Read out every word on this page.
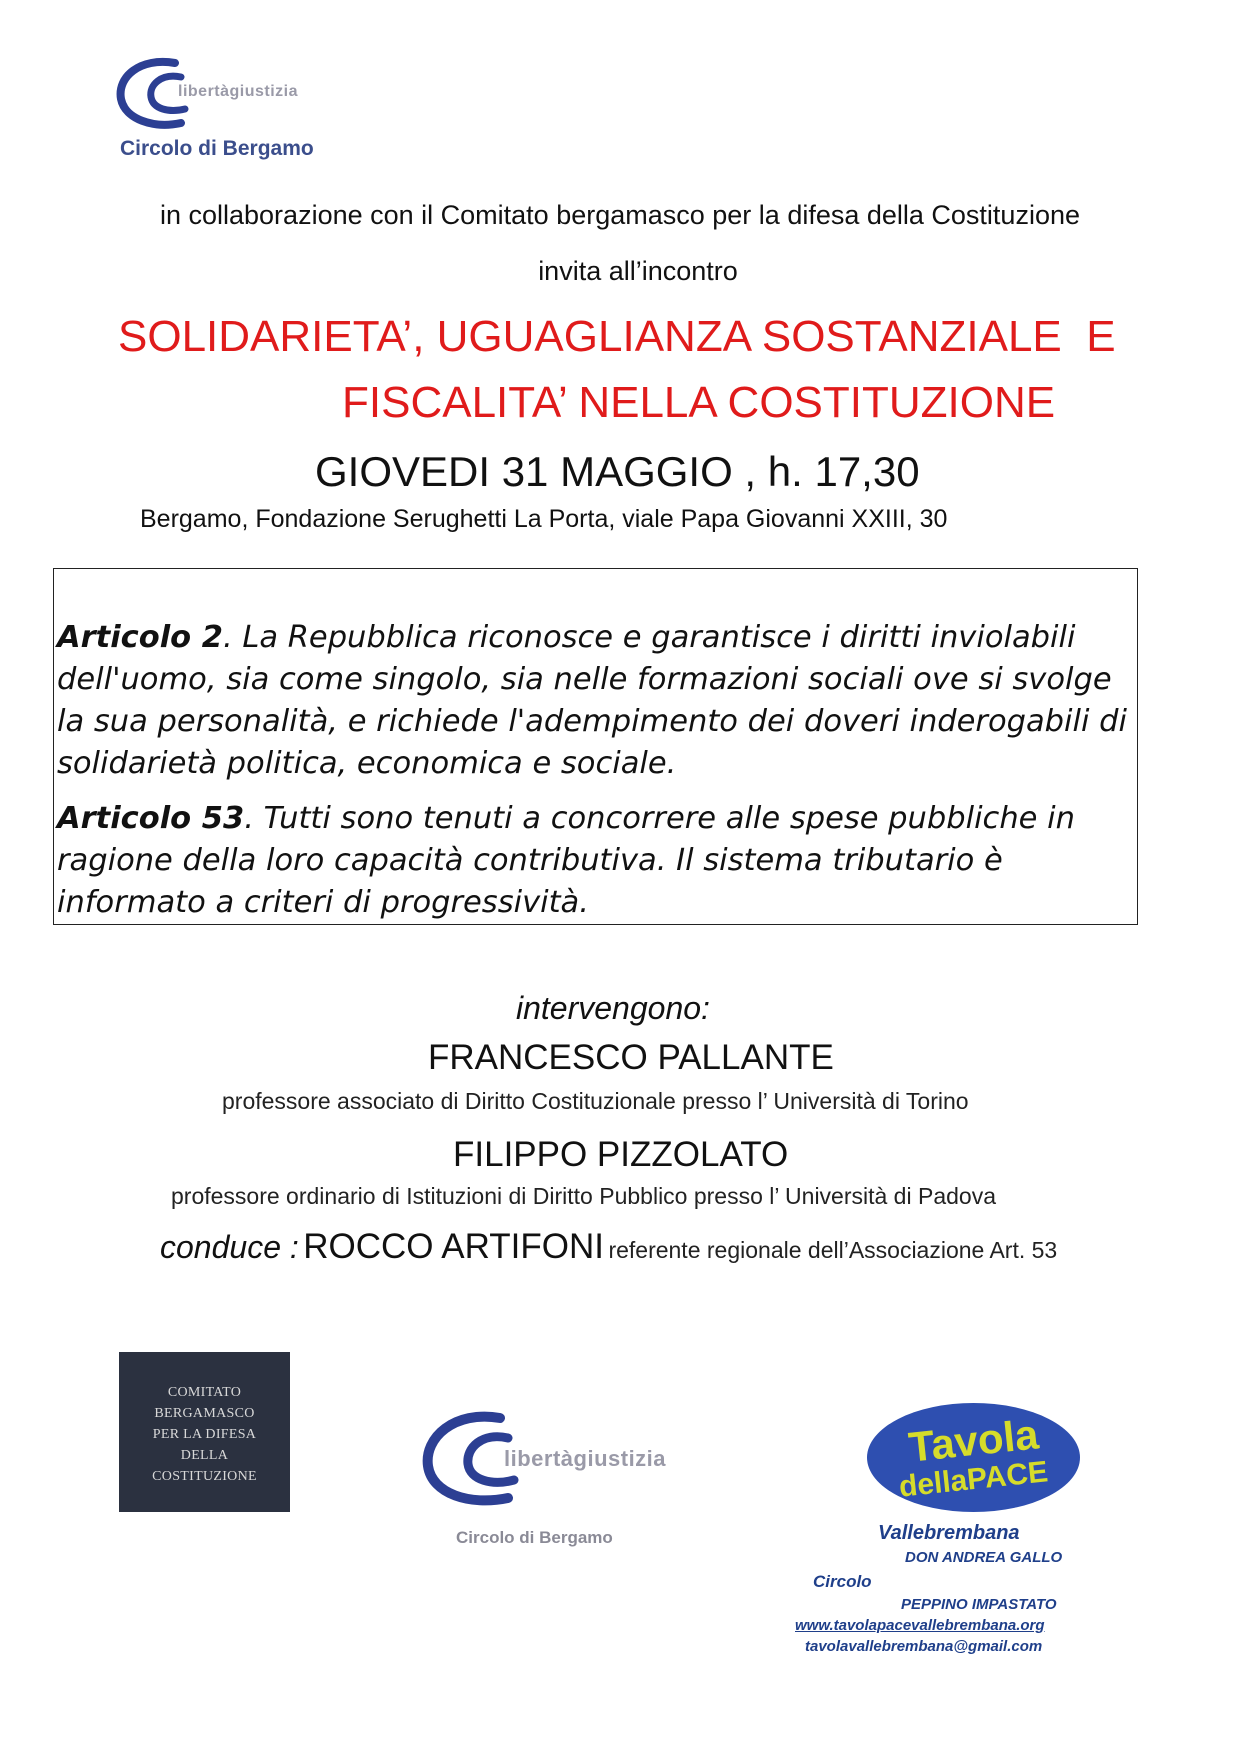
libertàgiustizia
Circolo di Bergamo
in collaborazione con il Comitato bergamasco per la difesa della Costituzione
invita all’incontro
SOLIDARIETA’, UGUAGLIANZA SOSTANZIALE  E
FISCALITA’ NELLA COSTITUZIONE
GIOVEDI 31 MAGGIO , h. 17,30
Bergamo, Fondazione Serughetti La Porta, viale Papa Giovanni XXIII, 30
Articolo 2. La Repubblica riconosce e garantisce i diritti inviolabili dell'uomo, sia come singolo, sia nelle formazioni sociali ove si svolge la sua personalità, e richiede l'adempimento dei doveri inderogabili di solidarietà politica, economica e sociale.
Articolo 53. Tutti sono tenuti a concorrere alle spese pubbliche in ragione della loro capacità contributiva. Il sistema tributario è informato a criteri di progressività.
intervengono:
FRANCESCO PALLANTE
professore associato di Diritto Costituzionale presso l’ Università di Torino
FILIPPO PIZZOLATO
professore ordinario di Istituzioni di Diritto Pubblico presso l’ Università di Padova
conduce : ROCCO ARTIFONI referente regionale dell’Associazione Art. 53
COMITATO
BERGAMASCO
PER LA DIFESA
DELLA
COSTITUZIONE
libertàgiustizia
Circolo di Bergamo
Tavola
dellaPACE
Vallebrembana
DON ANDREA GALLO
Circolo
PEPPINO IMPASTATO
www.tavolapacevallebrembana.org
tavolavallebrembana@gmail.com
